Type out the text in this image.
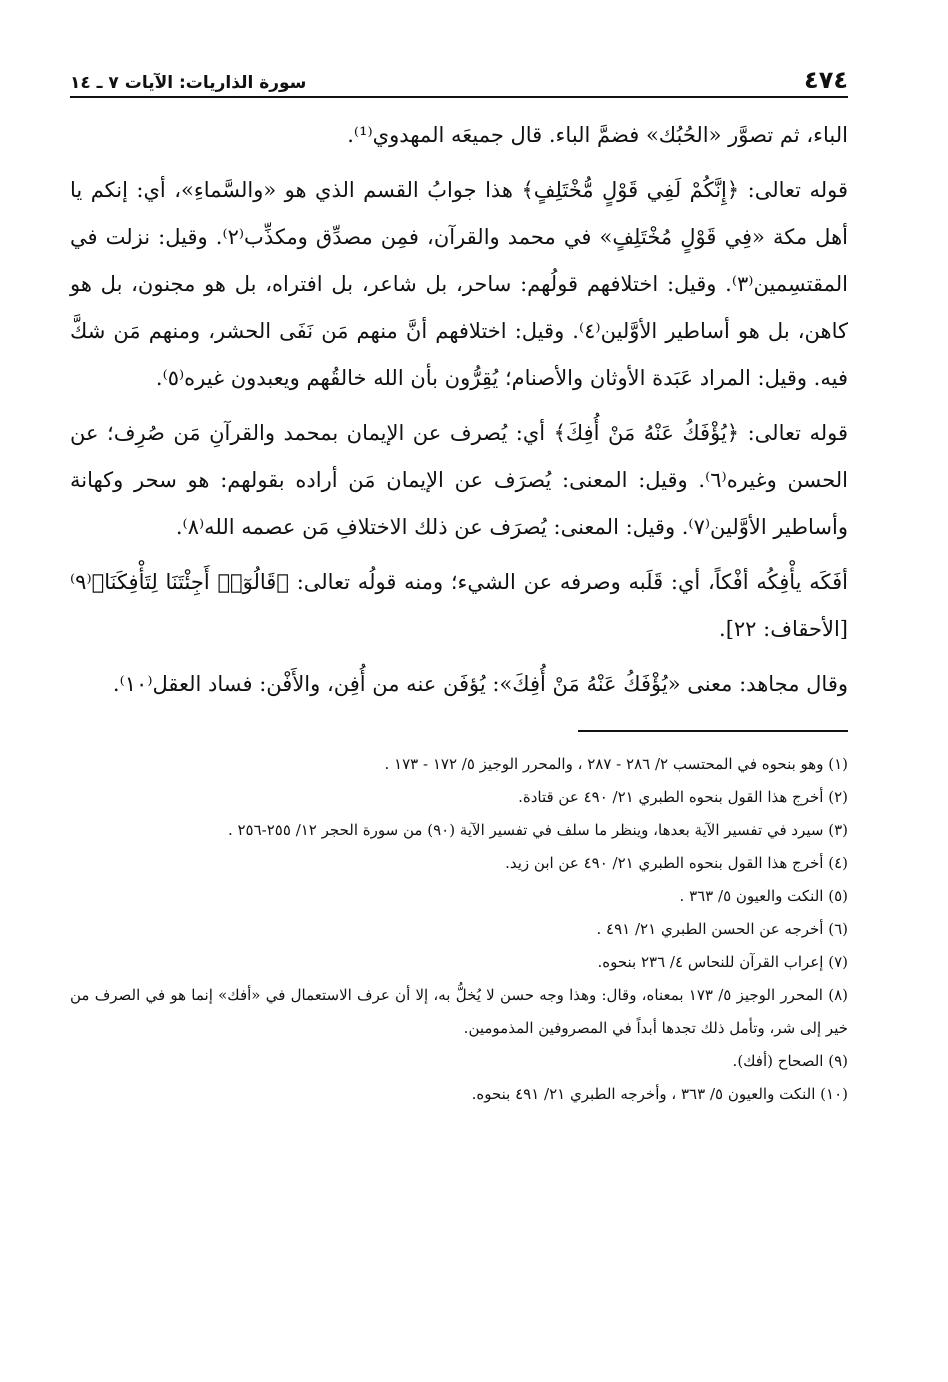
٤٧٤
سورة الذاريات: الآيات ٧ ـ ١٤

الباء، ثم تصوَّر «الحُبُك» فضمَّ الباء. قال جميعَه المهدوي⁽¹⁾.

قوله تعالى: ﴿إِنَّكُمْ لَفِي قَوْلٍ مُّخْتَلِفٍ﴾ هذا جوابُ القسم الذي هو «والسَّماءِ»، أي: إنكم يا أهل مكة «فِي قَوْلٍ مُخْتَلِفٍ» في محمد والقرآن، فمِن مصدِّق ومكذِّب⁽٢⁾. وقيل: نزلت في المقتسِمين⁽٣⁾. وقيل: اختلافهم قولُهم: ساحر، بل شاعر، بل افتراه، بل هو مجنون، بل هو كاهن، بل هو أساطير الأوَّلين⁽٤⁾. وقيل: اختلافهم أنَّ منهم مَن نَفَى الحشر، ومنهم مَن شكَّ فيه. وقيل: المراد عَبَدة الأوثان والأصنام؛ يُقِرُّون بأن الله خالقُهم ويعبدون غيره⁽٥⁾.

قوله تعالى: ﴿يُؤْفَكُ عَنْهُ مَنْ أُفِكَ﴾ أي: يُصرف عن الإيمان بمحمد والقرآنِ مَن صُرِف؛ عن الحسن وغيره⁽٦⁾. وقيل: المعنى: يُصرَف عن الإيمان مَن أراده بقولهم: هو سحر وكهانة وأساطير الأوَّلين⁽٧⁾. وقيل: المعنى: يُصرَف عن ذلك الاختلافِ مَن عصمه الله⁽٨⁾.

أفَكَه يأْفِكُه أفْكاً، أي: قَلَبه وصرفه عن الشيء؛ ومنه قولُه تعالى: ﴿قَالُوٓا۟ أَجِئْتَنَا لِتَأْفِكَنَا﴾⁽٩⁾ [الأحقاف: ٢٢].

وقال مجاهد: معنى «يُؤْفَكُ عَنْهُ مَنْ أُفِكَ»: يُؤفَن عنه من أُفِن، والأَفْن: فساد العقل⁽١٠⁾.

(١) وهو بنحوه في المحتسب ٢/ ٢٨٦ - ٢٨٧ ، والمحرر الوجيز ٥/ ١٧٢ - ١٧٣ .

(٢) أخرج هذا القول بنحوه الطبري ٢١/ ٤٩٠ عن قتادة.

(٣) سيرد في تفسير الآية بعدها، وينظر ما سلف في تفسير الآية (٩٠) من سورة الحجر ١٢/ ٢٥٥-٢٥٦ .

(٤) أخرج هذا القول بنحوه الطبري ٢١/ ٤٩٠ عن ابن زيد.

(٥) النكت والعيون ٥/ ٣٦٣ .

(٦) أخرجه عن الحسن الطبري ٢١/ ٤٩١ .

(٧) إعراب القرآن للنحاس ٤/ ٢٣٦ بنحوه.

(٨) المحرر الوجيز ٥/ ١٧٣ بمعناه، وقال: وهذا وجه حسن لا يُخلُّ به، إلا أن عرف الاستعمال في «أفك» إنما هو في الصرف من خير إلى شر، وتأمل ذلك تجدها أبداً في المصروفين المذمومين.

(٩) الصحاح (أفك).

(١٠) النكت والعيون ٥/ ٣٦٣ ، وأخرجه الطبري ٢١/ ٤٩١ بنحوه.
